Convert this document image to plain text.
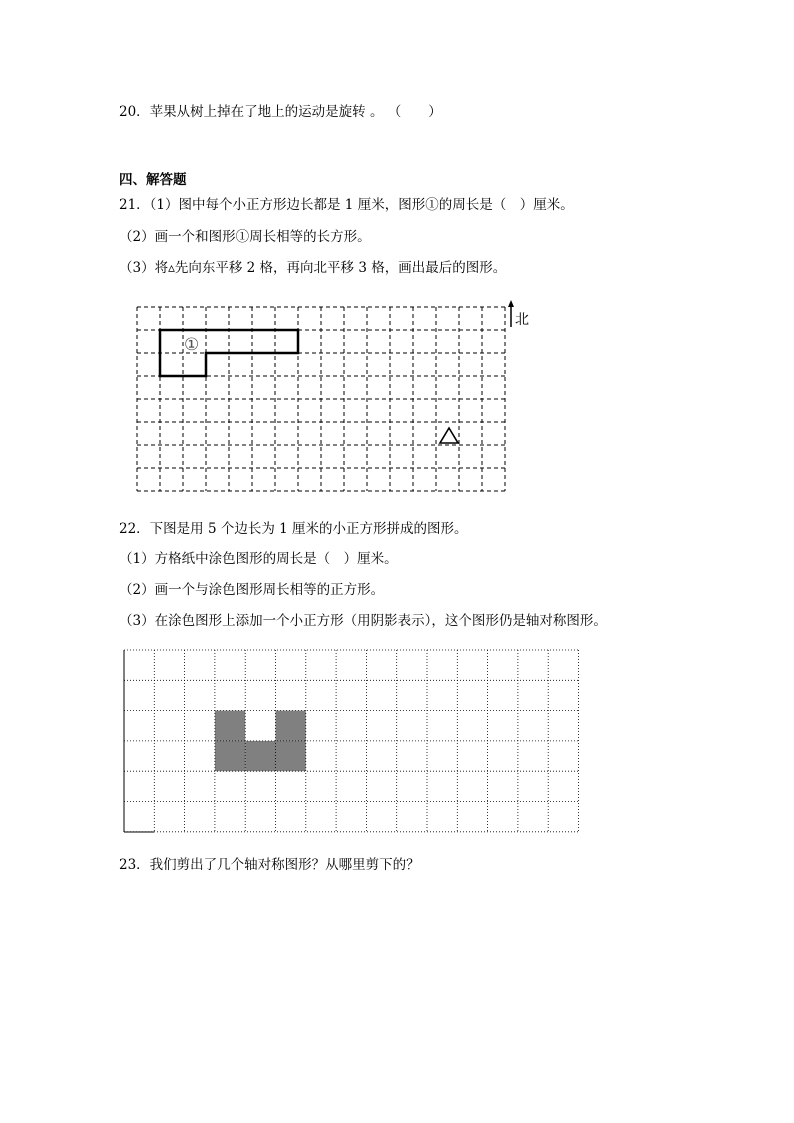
20．苹果从树上掉在了地上的运动是旋转 。 （　　）
四、解答题
21．（1）图中每个小正方形边长都是 1 厘米，图形①的周长是（　）厘米。
（2）画一个和图形①周长相等的长方形。
（3）将▵先向东平移 2 格，再向北平移 3 格，画出最后的图形。
①
北
22．下图是用 5 个边长为 1 厘米的小正方形拼成的图形。
（1）方格纸中涂色图形的周长是（　）厘米。
（2）画一个与涂色图形周长相等的正方形。
（3）在涂色图形上添加一个小正方形（用阴影表示），这个图形仍是轴对称图形。
23．我们剪出了几个轴对称图形？从哪里剪下的？
